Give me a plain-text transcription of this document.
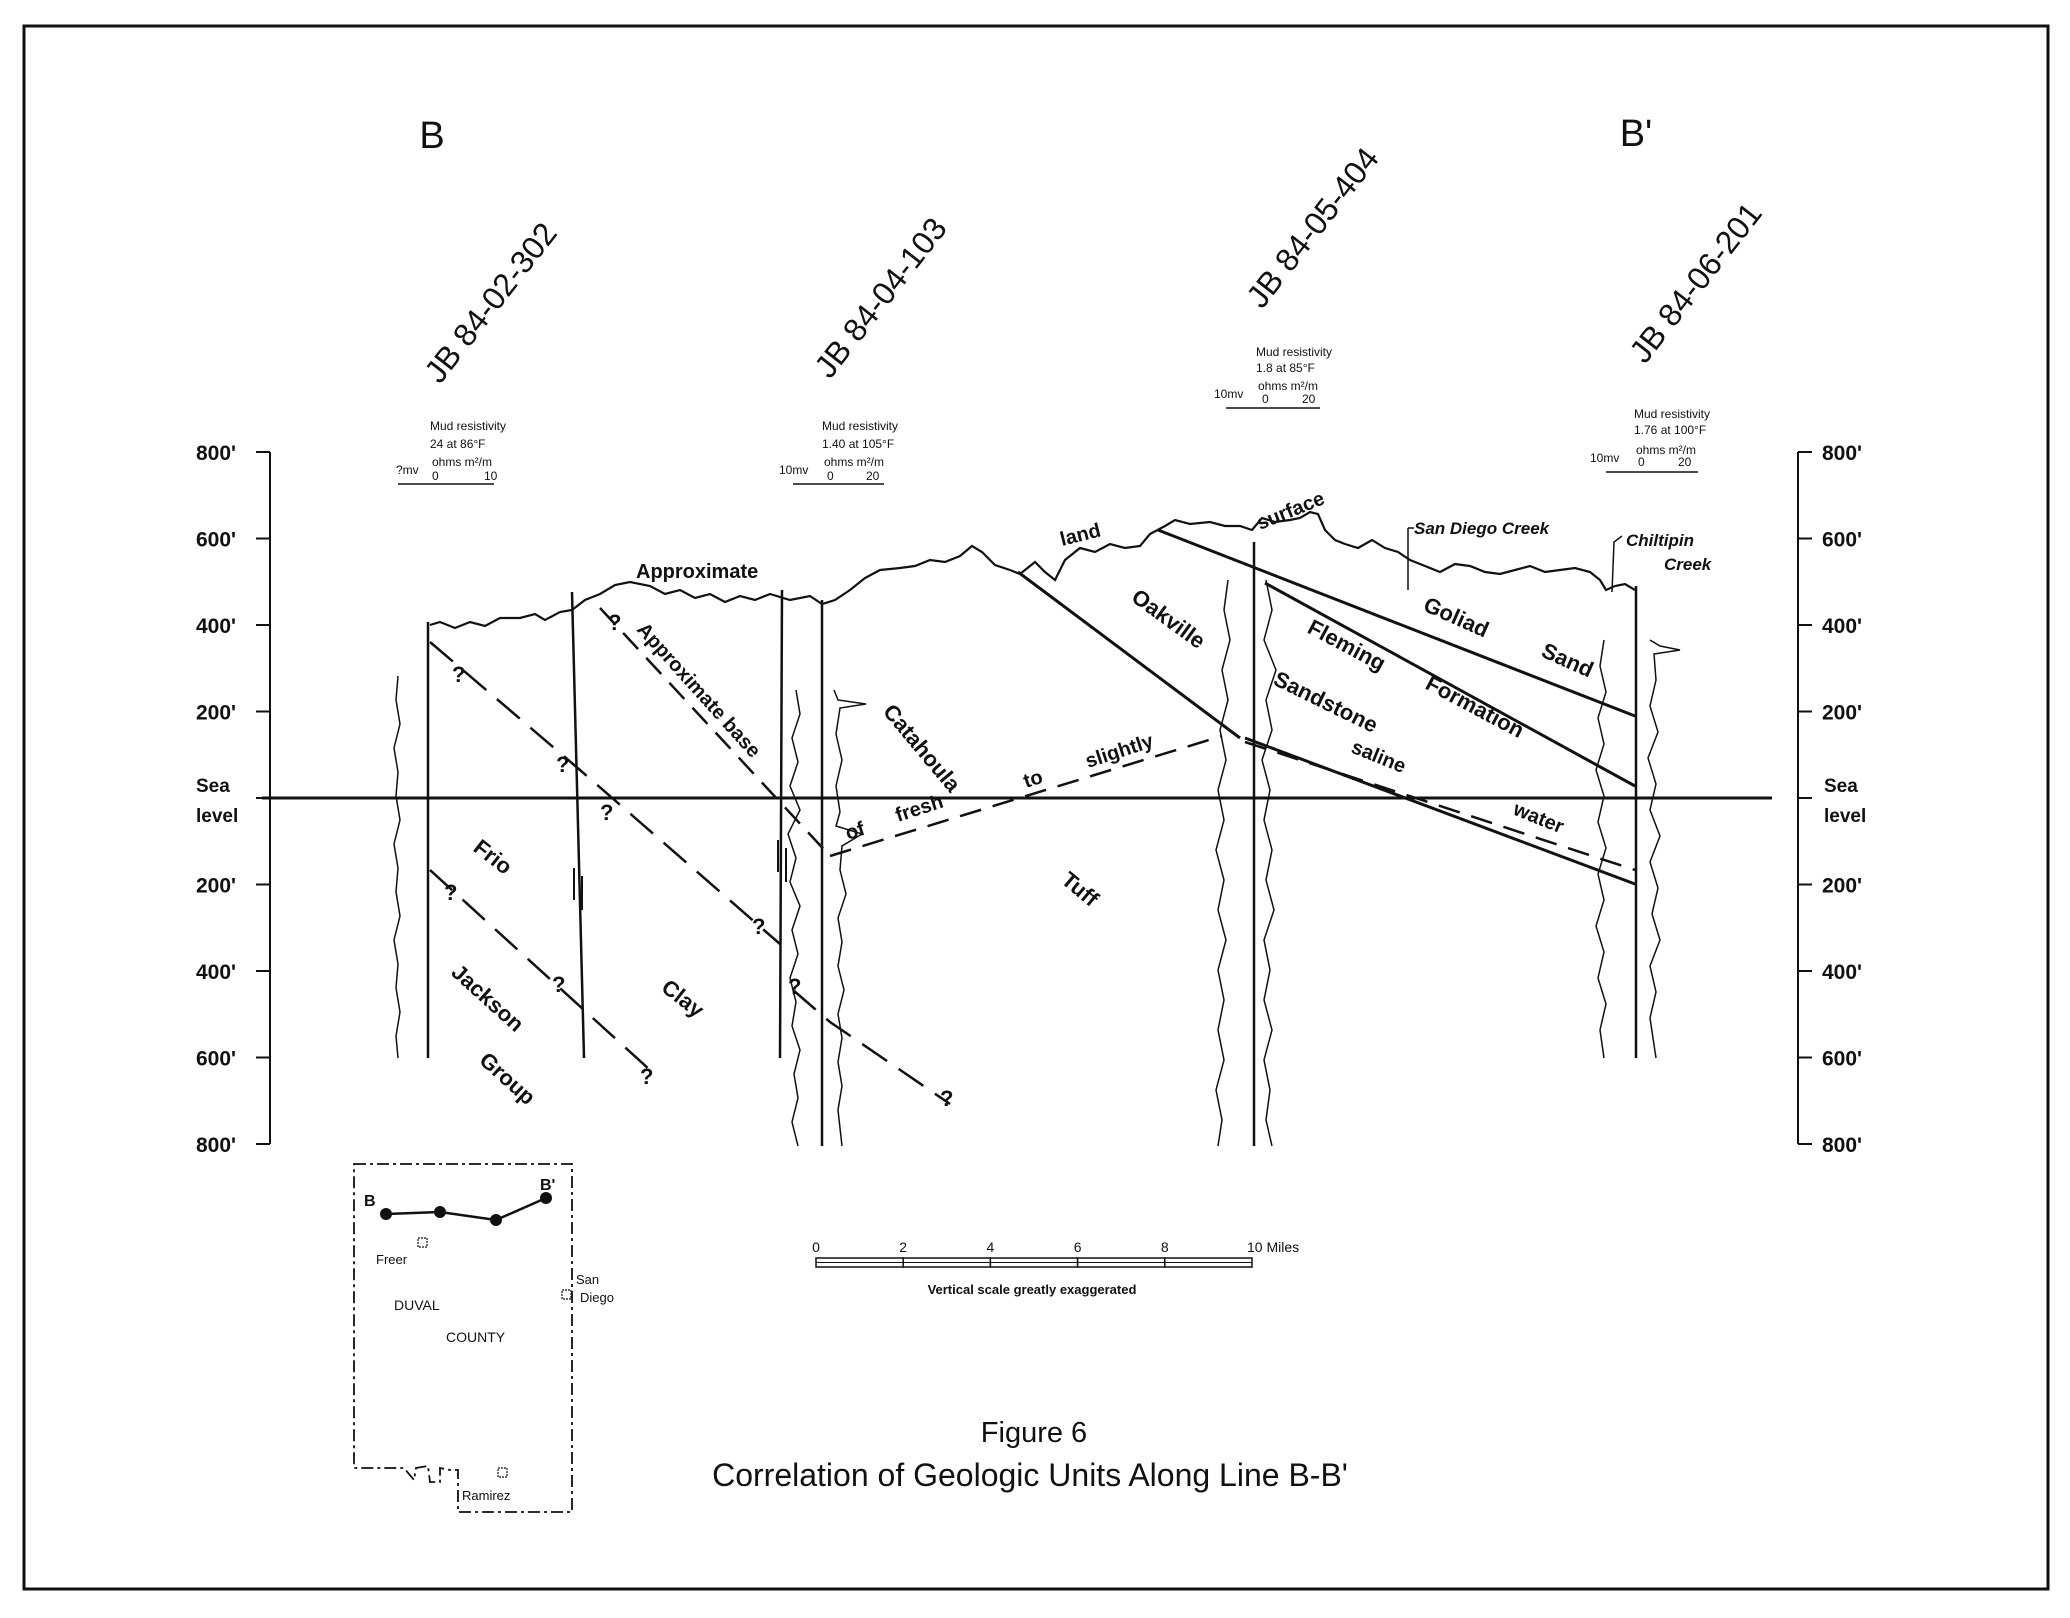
B	B'
JB 84-02-302	JB 84-04-103	JB 84-05-404	JB 84-06-201
Mud resistivity
24 at 86°F
ohms m²/m
?mv 0	10
Mud resistivity
1.40 at 105°F
ohms m²/m
10mv 0	20
Mud resistivity
1.8 at 85°F
ohms m²/m
10mv 0	20
Mud resistivity
1.76 at 100°F
ohms m²/m
10mv 0	20
800'
600'
400'
200'
Sea
level
200'
400'
600'
800'
800'
600'
400'
200'
Sea
level
200'
400'
600'
800'
Approximate
land
surface	San Diego Creek
Chiltipin
Creek
Goliad
Sand
Fleming
Formation
Oakville
Sandstone
Catahoula
Tuff
Frio
Clay
Jackson
Group
Approximate base
of
fresh
to
slightly	saline
water
?
?
?
?
?
?
?
?
?
?
B
B'
Freer
San
Diego
DUVAL
COUNTY
Ramirez
0	2	4	6	8	10 Miles
Vertical scale greatly exaggerated
Figure 6
Correlation of Geologic Units Along Line B-B'
